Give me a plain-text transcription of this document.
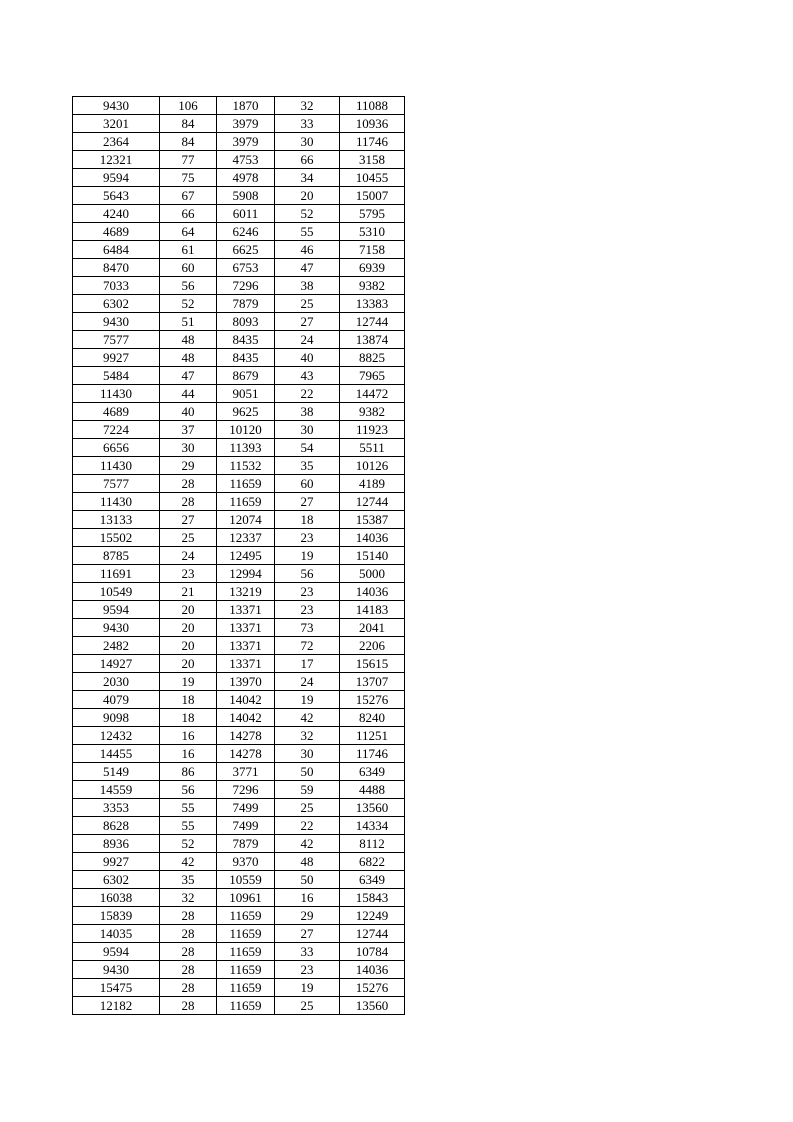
9430	106	1870	32	11088
3201	84	3979	33	10936
2364	84	3979	30	11746
12321	77	4753	66	3158
9594	75	4978	34	10455
5643	67	5908	20	15007
4240	66	6011	52	5795
4689	64	6246	55	5310
6484	61	6625	46	7158
8470	60	6753	47	6939
7033	56	7296	38	9382
6302	52	7879	25	13383
9430	51	8093	27	12744
7577	48	8435	24	13874
9927	48	8435	40	8825
5484	47	8679	43	7965
11430	44	9051	22	14472
4689	40	9625	38	9382
7224	37	10120	30	11923
6656	30	11393	54	5511
11430	29	11532	35	10126
7577	28	11659	60	4189
11430	28	11659	27	12744
13133	27	12074	18	15387
15502	25	12337	23	14036
8785	24	12495	19	15140
11691	23	12994	56	5000
10549	21	13219	23	14036
9594	20	13371	23	14183
9430	20	13371	73	2041
2482	20	13371	72	2206
14927	20	13371	17	15615
2030	19	13970	24	13707
4079	18	14042	19	15276
9098	18	14042	42	8240
12432	16	14278	32	11251
14455	16	14278	30	11746
5149	86	3771	50	6349
14559	56	7296	59	4488
3353	55	7499	25	13560
8628	55	7499	22	14334
8936	52	7879	42	8112
9927	42	9370	48	6822
6302	35	10559	50	6349
16038	32	10961	16	15843
15839	28	11659	29	12249
14035	28	11659	27	12744
9594	28	11659	33	10784
9430	28	11659	23	14036
15475	28	11659	19	15276
12182	28	11659	25	13560
